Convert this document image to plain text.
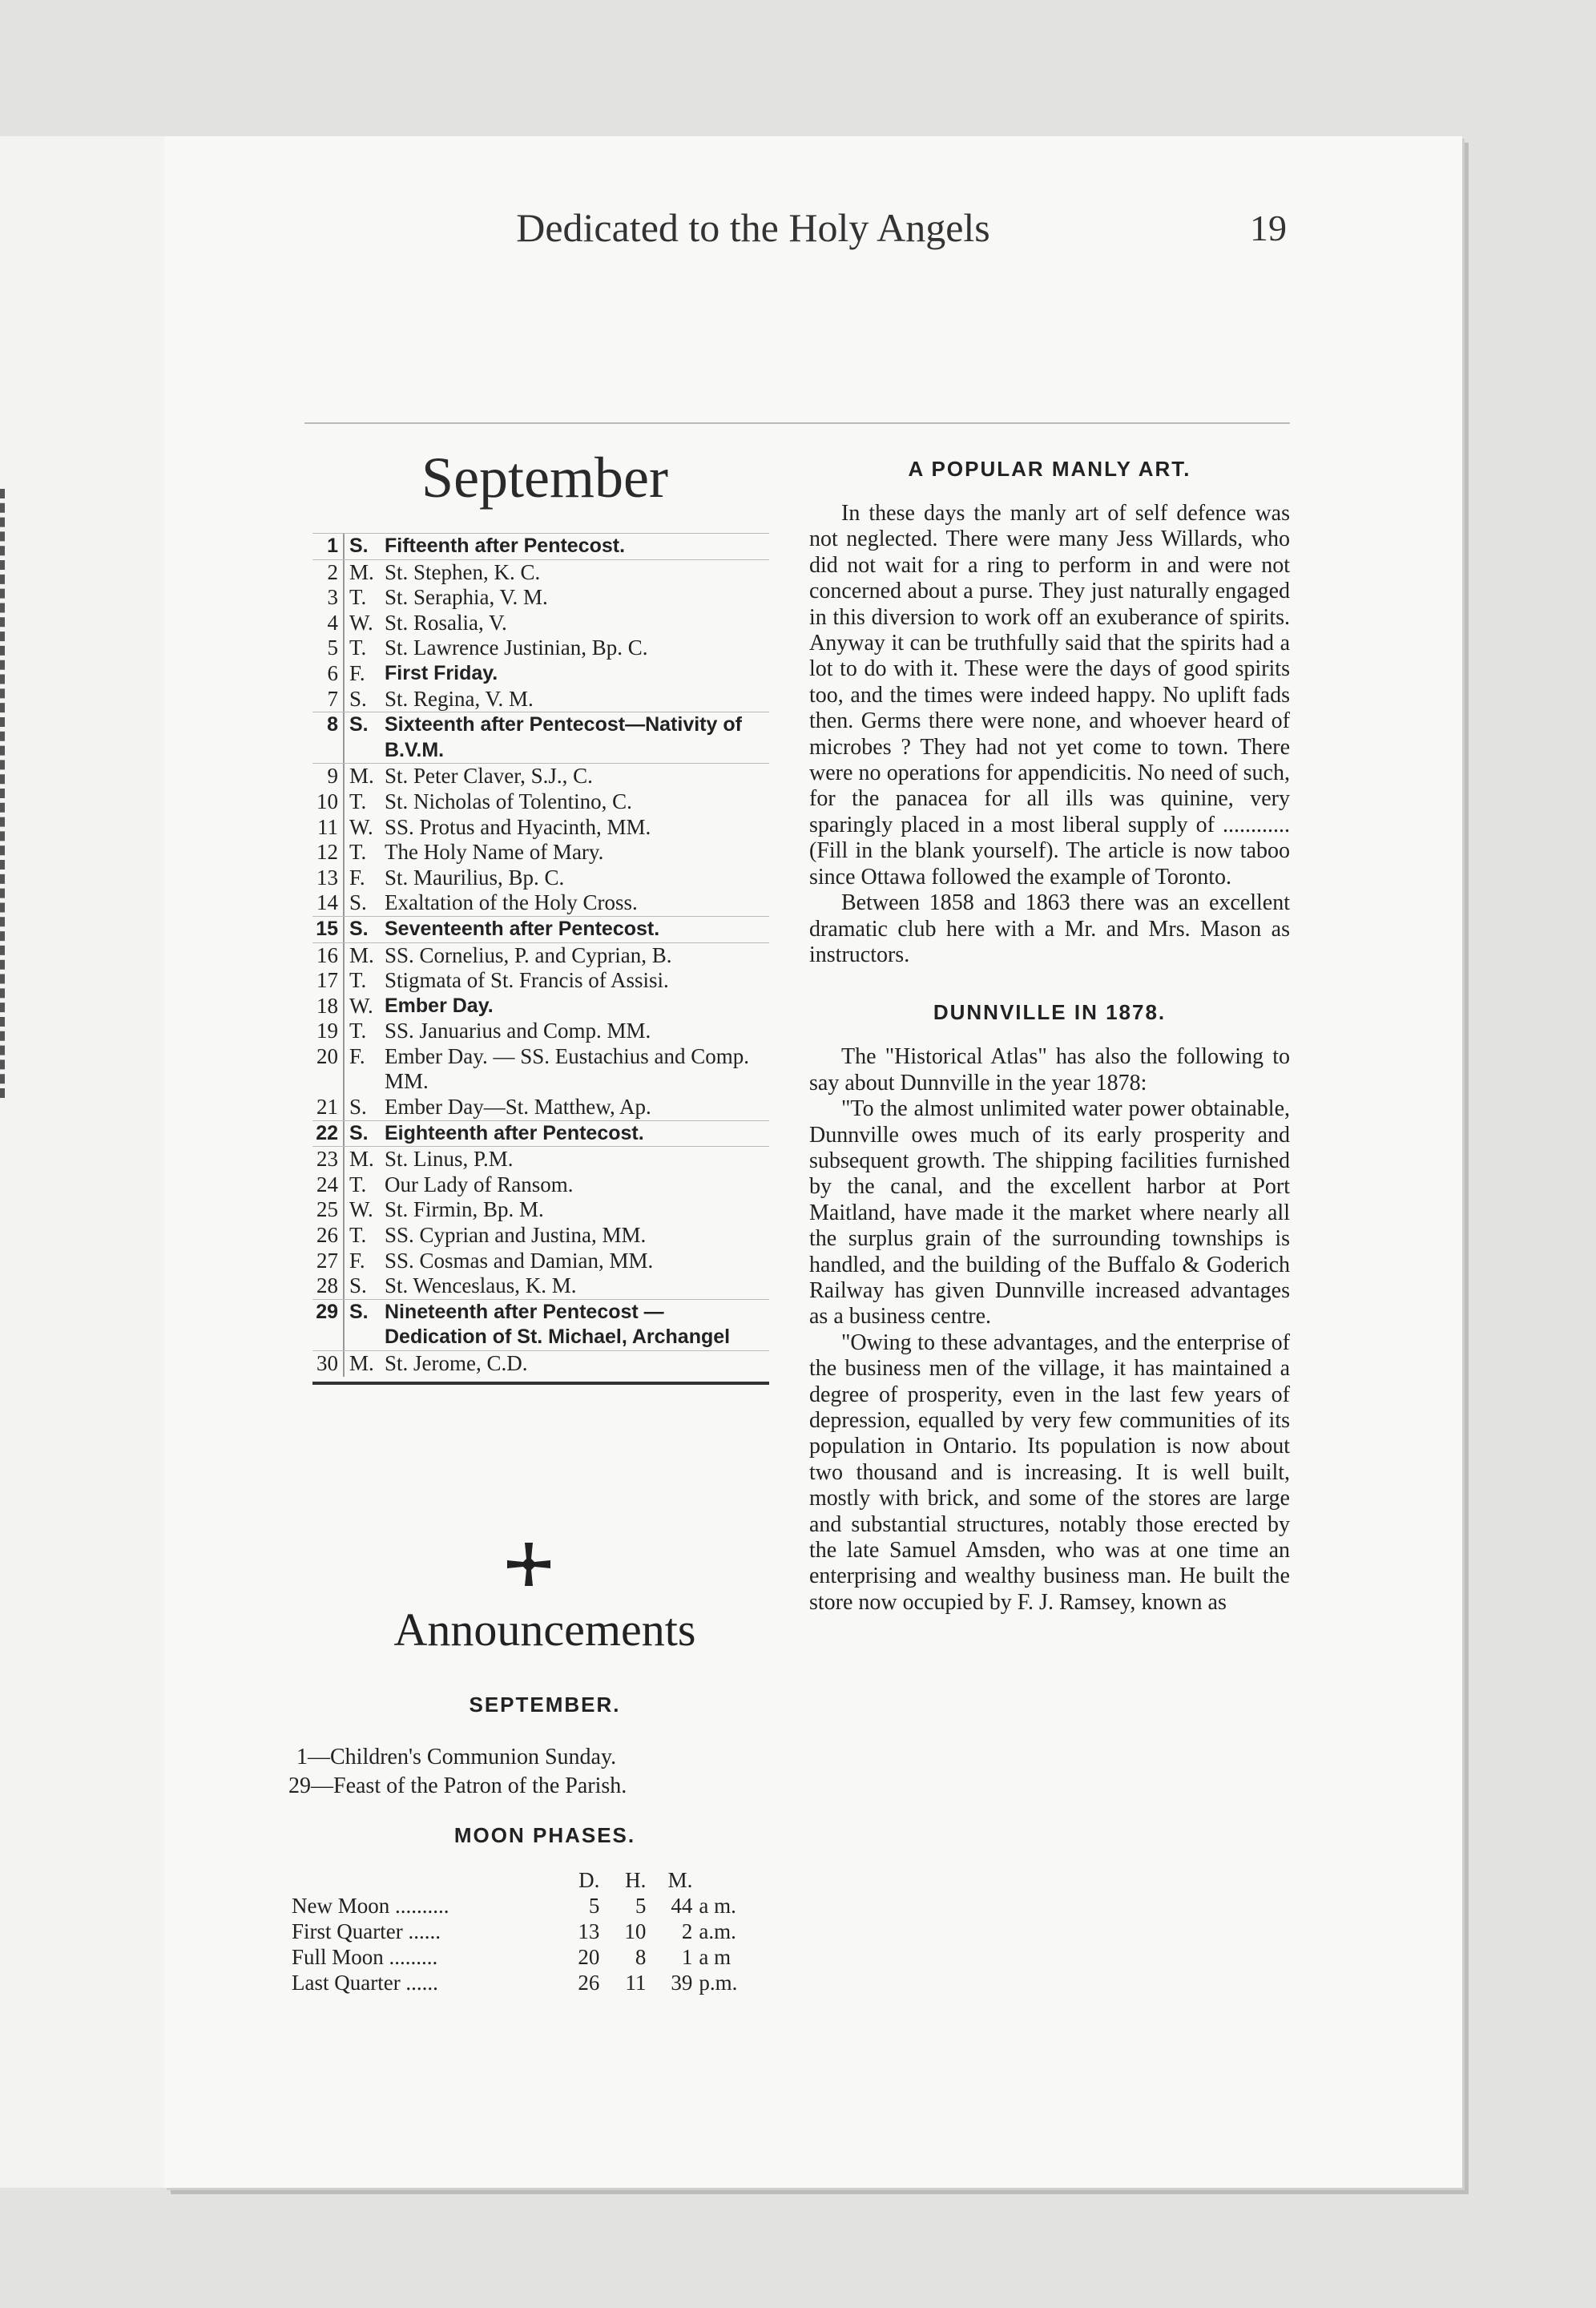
Dedicated to the Holy Angels	19
September
1 S. Fifteenth after Pentecost.
2 M. St. Stephen, K. C.
3 T. St. Seraphia, V. M.
4 W. St. Rosalia, V.
5 T. St. Lawrence Justinian, Bp. C.
6 F. First Friday.
7 S. St. Regina, V. M.
8 S. Sixteenth after Pentecost—Nativity of B.V.M.
9 M. St. Peter Claver, S.J., C.
10 T. St. Nicholas of Tolentino, C.
11 W. SS. Protus and Hyacinth, MM.
12 T. The Holy Name of Mary.
13 F. St. Maurilius, Bp. C.
14 S. Exaltation of the Holy Cross.
15 S. Seventeenth after Pentecost.
16 M. SS. Cornelius, P. and Cyprian, B.
17 T. Stigmata of St. Francis of Assisi.
18 W. Ember Day.
19 T. SS. Januarius and Comp. MM.
20 F. Ember Day. — SS. Eustachius and Comp. MM.
21 S. Ember Day—St. Matthew, Ap.
22 S. Eighteenth after Pentecost.
23 M. St. Linus, P.M.
24 T. Our Lady of Ransom.
25 W. St. Firmin, Bp. M.
26 T. SS. Cyprian and Justina, MM.
27 F. SS. Cosmas and Damian, MM.
28 S. St. Wenceslaus, K. M.
29 S. Nineteenth after Pentecost — Dedication of St. Michael, Archangel
30 M. St. Jerome, C.D.
Announcements
SEPTEMBER.
1—Children's Communion Sunday.
29—Feast of the Patron of the Parish.
MOON PHASES.
	D.	H.	M.	
New Moon ..........	5	5	44	a m.
First Quarter ......	13	10	2	a.m.
Full Moon .........	20	8	1	a m
Last Quarter ......	26	11	39	p.m.
A POPULAR MANLY ART.

In these days the manly art of self defence was not neglected. There were many Jess Willards, who did not wait for a ring to perform in and were not concerned about a purse. They just naturally engaged in this diversion to work off an exuberance of spirits. Anyway it can be truthfully said that the spirits had a lot to do with it. These were the days of good spirits too, and the times were indeed happy. No uplift fads then. Germs there were none, and whoever heard of microbes ? They had not yet come to town. There were no operations for appendicitis. No need of such, for the panacea for all ills was quinine, very sparingly placed in a most liberal supply of ............ (Fill in the blank yourself). The article is now taboo since Ottawa followed the example of Toronto.

Between 1858 and 1863 there was an excellent dramatic club here with a Mr. and Mrs. Mason as instructors.

DUNNVILLE IN 1878.

The "Historical Atlas" has also the following to say about Dunnville in the year 1878:

"To the almost unlimited water power obtainable, Dunnville owes much of its early prosperity and subsequent growth. The shipping facilities furnished by the canal, and the excellent harbor at Port Maitland, have made it the market where nearly all the surplus grain of the surrounding townships is handled, and the building of the Buffalo & Goderich Railway has given Dunnville increased advantages as a business centre.

"Owing to these advantages, and the enterprise of the business men of the village, it has maintained a degree of prosperity, even in the last few years of depression, equalled by very few communities of its population in Ontario. Its population is now about two thousand and is increasing. It is well built, mostly with brick, and some of the stores are large and substantial structures, notably those erected by the late Samuel Amsden, who was at one time an enterprising and wealthy business man. He built the store now occupied by F. J. Ramsey, known as
